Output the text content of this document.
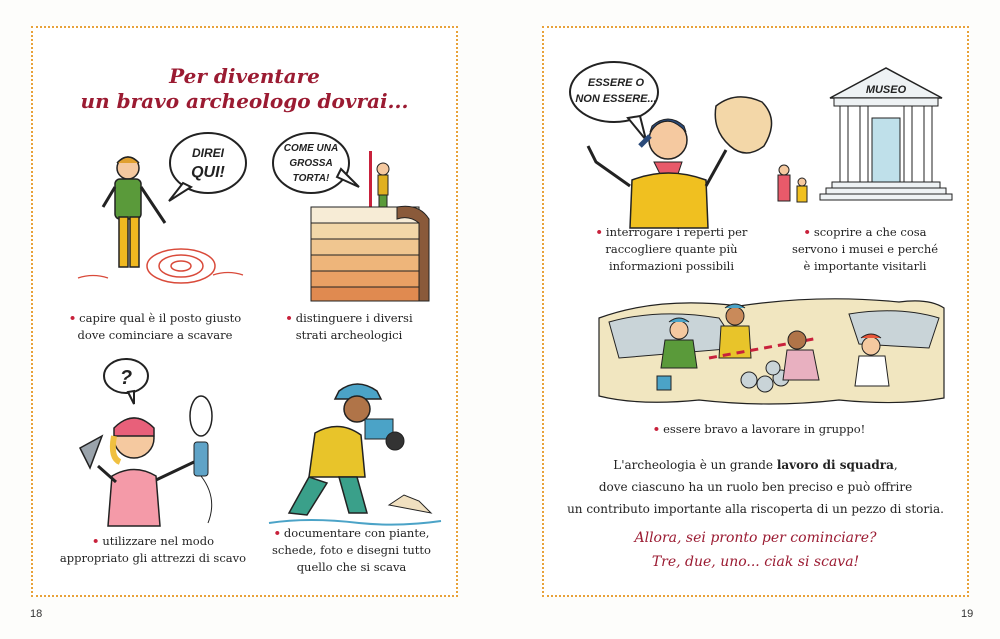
Per diventare
un bravo archeologo dovrai...
DIREI
QUI!
COME UNA
GROSSA
TORTA!
• capire qual è il posto giusto
dove cominciare a scavare
• distinguere i diversi
strati archeologici
?
• utilizzare nel modo
appropriato gli attrezzi di scavo
• documentare con piante,
schede, foto e disegni tutto
quello che si scava
ESSERE O
NON ESSERE...
MUSEO
• interrogare i reperti per
raccogliere quante più
informazioni possibili
• scoprire a che cosa
servono i musei e perché
è importante visitarli
• essere bravo a lavorare in gruppo!
L'archeologia è un grande lavoro di squadra,
dove ciascuno ha un ruolo ben preciso e può offrire
un contributo importante alla riscoperta di un pezzo di storia.
Allora, sei pronto per cominciare?
Tre, due, uno... ciak si scava!
18	19
